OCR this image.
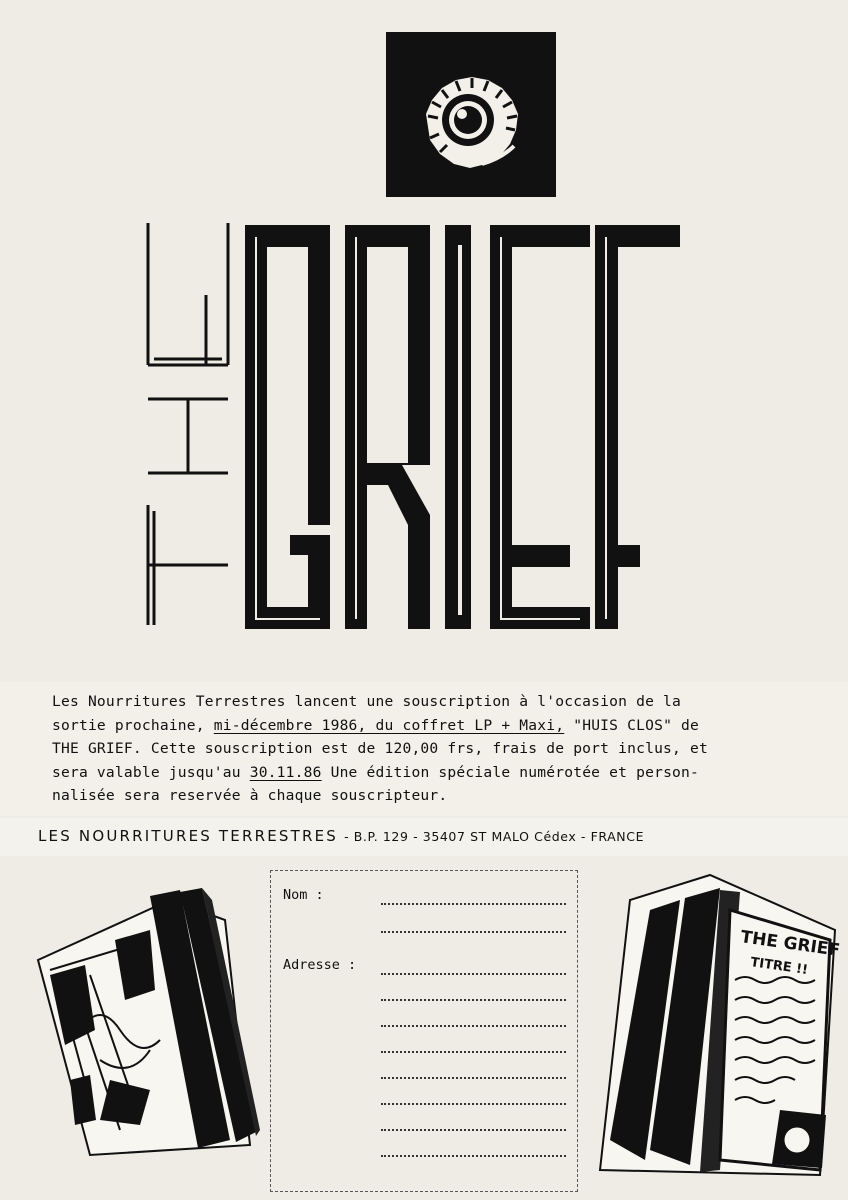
Les Nourritures Terrestres lancent une souscription à l'occasion de la
sortie prochaine, mi-décembre 1986, du coffret LP + Maxi, "HUIS CLOS" de
THE GRIEF. Cette souscription est de 120,00 frs, frais de port inclus, et
sera valable jusqu'au 30.11.86 Une édition spéciale numérotée et person-
nalisée sera reservée à chaque souscripteur.
LES NOURRITURES TERRESTRES - B.P. 129 - 35407 ST MALO Cédex - FRANCE
Nom :
Adresse :
THE GRIEF
TITRE !!
